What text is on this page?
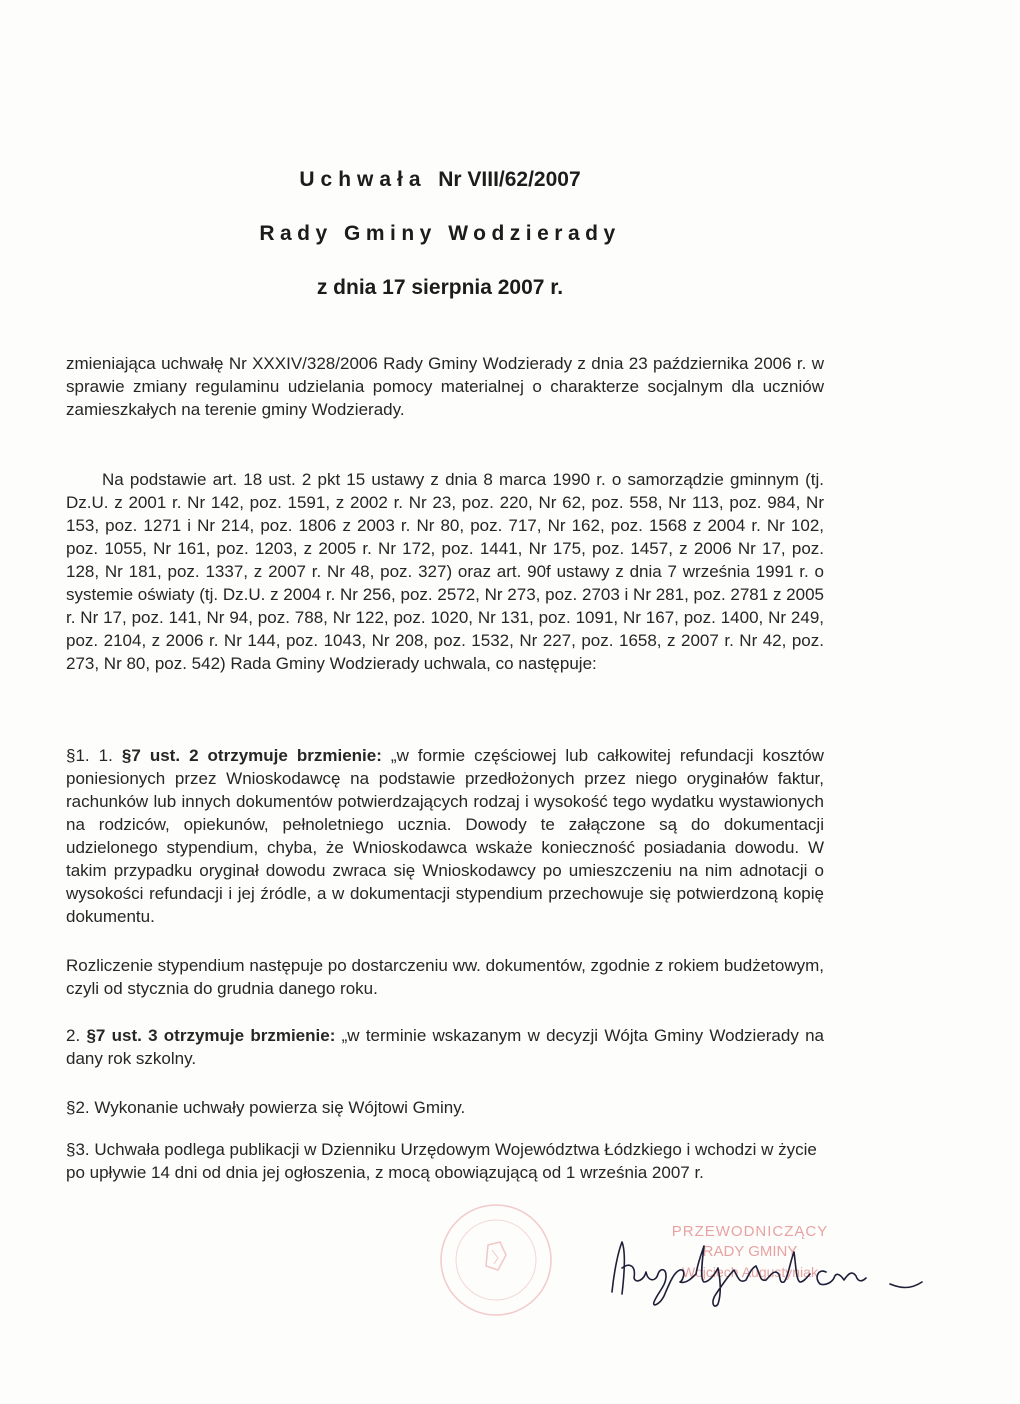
Uchwała Nr VIII/62/2007
Rady Gminy Wodzierady
z dnia 17 sierpnia 2007 r.
zmieniająca uchwałę Nr XXXIV/328/2006 Rady Gminy Wodzierady z dnia 23 października 2006 r. w sprawie zmiany regulaminu udzielania pomocy materialnej o charakterze socjalnym dla uczniów zamieszkałych na terenie gminy Wodzierady.
Na podstawie art. 18 ust. 2 pkt 15 ustawy z dnia 8 marca 1990 r. o samorządzie gminnym (tj. Dz.U. z 2001 r. Nr 142, poz. 1591, z 2002 r. Nr 23, poz. 220, Nr 62, poz. 558, Nr 113, poz. 984, Nr 153, poz. 1271 i Nr 214, poz. 1806 z 2003 r. Nr 80, poz. 717, Nr 162, poz. 1568 z 2004 r. Nr 102, poz. 1055, Nr 161, poz. 1203, z 2005 r. Nr 172, poz. 1441, Nr 175, poz. 1457, z 2006 Nr 17, poz. 128, Nr 181, poz. 1337, z 2007 r. Nr 48, poz. 327) oraz art. 90f ustawy z dnia 7 września 1991 r. o systemie oświaty (tj. Dz.U. z 2004 r. Nr 256, poz. 2572, Nr 273, poz. 2703 i Nr 281, poz. 2781 z 2005 r. Nr 17, poz. 141, Nr 94, poz. 788, Nr 122, poz. 1020, Nr 131, poz. 1091, Nr 167, poz. 1400, Nr 249, poz. 2104, z 2006 r. Nr 144, poz. 1043, Nr 208, poz. 1532, Nr 227, poz. 1658, z 2007 r. Nr 42, poz. 273, Nr 80, poz. 542) Rada Gminy Wodzierady uchwala, co następuje:
§1. 1. §7 ust. 2 otrzymuje brzmienie: „w formie częściowej lub całkowitej refundacji kosztów poniesionych przez Wnioskodawcę na podstawie przedłożonych przez niego oryginałów faktur, rachunków lub innych dokumentów potwierdzających rodzaj i wysokość tego wydatku wystawionych na rodziców, opiekunów, pełnoletniego ucznia. Dowody te załączone są do dokumentacji udzielonego stypendium, chyba, że Wnioskodawca wskaże konieczność posiadania dowodu. W takim przypadku oryginał dowodu zwraca się Wnioskodawcy po umieszczeniu na nim adnotacji o wysokości refundacji i jej źródle, a w dokumentacji stypendium przechowuje się potwierdzoną kopię dokumentu.
Rozliczenie stypendium następuje po dostarczeniu ww. dokumentów, zgodnie z rokiem budżetowym, czyli od stycznia do grudnia danego roku.
2. §7 ust. 3 otrzymuje brzmienie: „w terminie wskazanym w decyzji Wójta Gminy Wodzierady na dany rok szkolny.
§2. Wykonanie uchwały powierza się Wójtowi Gminy.
§3. Uchwała podlega publikacji w Dzienniku Urzędowym Województwa Łódzkiego i wchodzi w życie po upływie 14 dni od dnia jej ogłoszenia, z mocą obowiązującą od 1 września 2007 r.
PRZEWODNICZĄCY
RADY GMINY
Wojciech Augustyniak
